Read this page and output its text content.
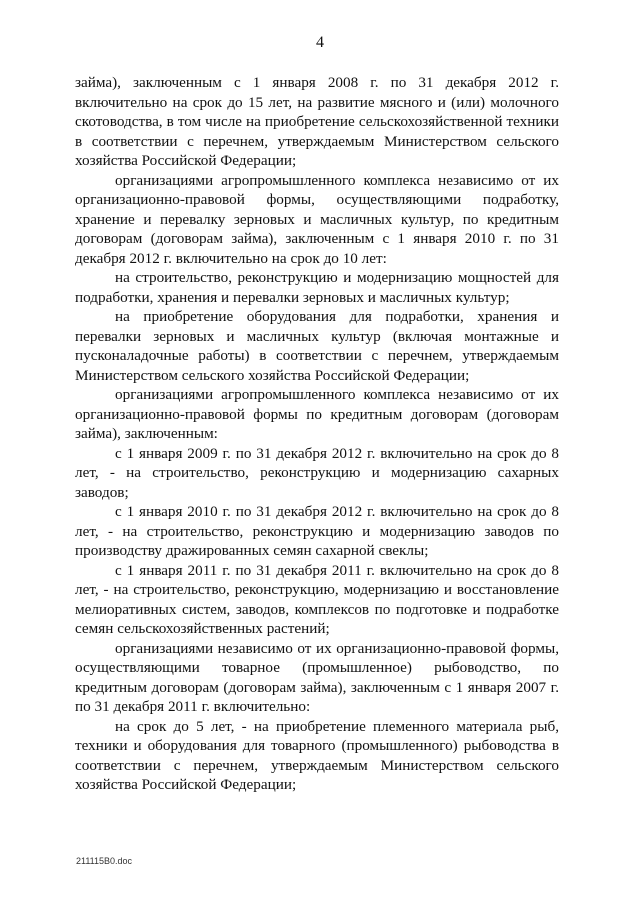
4

займа), заключенным с 1 января 2008 г. по 31 декабря 2012 г. включительно на срок до 15 лет, на развитие мясного и (или) молочного скотоводства, в том числе на приобретение сельскохозяйственной техники в соответствии с перечнем, утверждаемым Министерством сельского хозяйства Российской Федерации;

организациями агропромышленного комплекса независимо от их организационно-правовой формы, осуществляющими подработку, хранение и перевалку зерновых и масличных культур, по кредитным договорам (договорам займа), заключенным с 1 января 2010 г. по 31 декабря 2012 г. включительно на срок до 10 лет:

на строительство, реконструкцию и модернизацию мощностей для подработки, хранения и перевалки зерновых и масличных культур;

на приобретение оборудования для подработки, хранения и перевалки зерновых и масличных культур (включая монтажные и пусконаладочные работы) в соответствии с перечнем, утверждаемым Министерством сельского хозяйства Российской Федерации;

организациями агропромышленного комплекса независимо от их организационно-правовой формы по кредитным договорам (договорам займа), заключенным:

с 1 января 2009 г. по 31 декабря 2012 г. включительно на срок до 8 лет, - на строительство, реконструкцию и модернизацию сахарных заводов;

с 1 января 2010 г. по 31 декабря 2012 г. включительно на срок до 8 лет, - на строительство, реконструкцию и модернизацию заводов по производству дражированных семян сахарной свеклы;

с 1 января 2011 г. по 31 декабря 2011 г. включительно на срок до 8 лет, - на строительство, реконструкцию, модернизацию и восстановление мелиоративных систем, заводов, комплексов по подготовке и подработке семян сельскохозяйственных растений;

организациями независимо от их организационно-правовой формы, осуществляющими товарное (промышленное) рыбоводство, по кредитным договорам (договорам займа), заключенным с 1 января 2007 г. по 31 декабря 2011 г. включительно:

на срок до 5 лет, - на приобретение племенного материала рыб, техники и оборудования для товарного (промышленного) рыбоводства в соответствии с перечнем, утверждаемым Министерством сельского хозяйства Российской Федерации;

211115B0.doc
